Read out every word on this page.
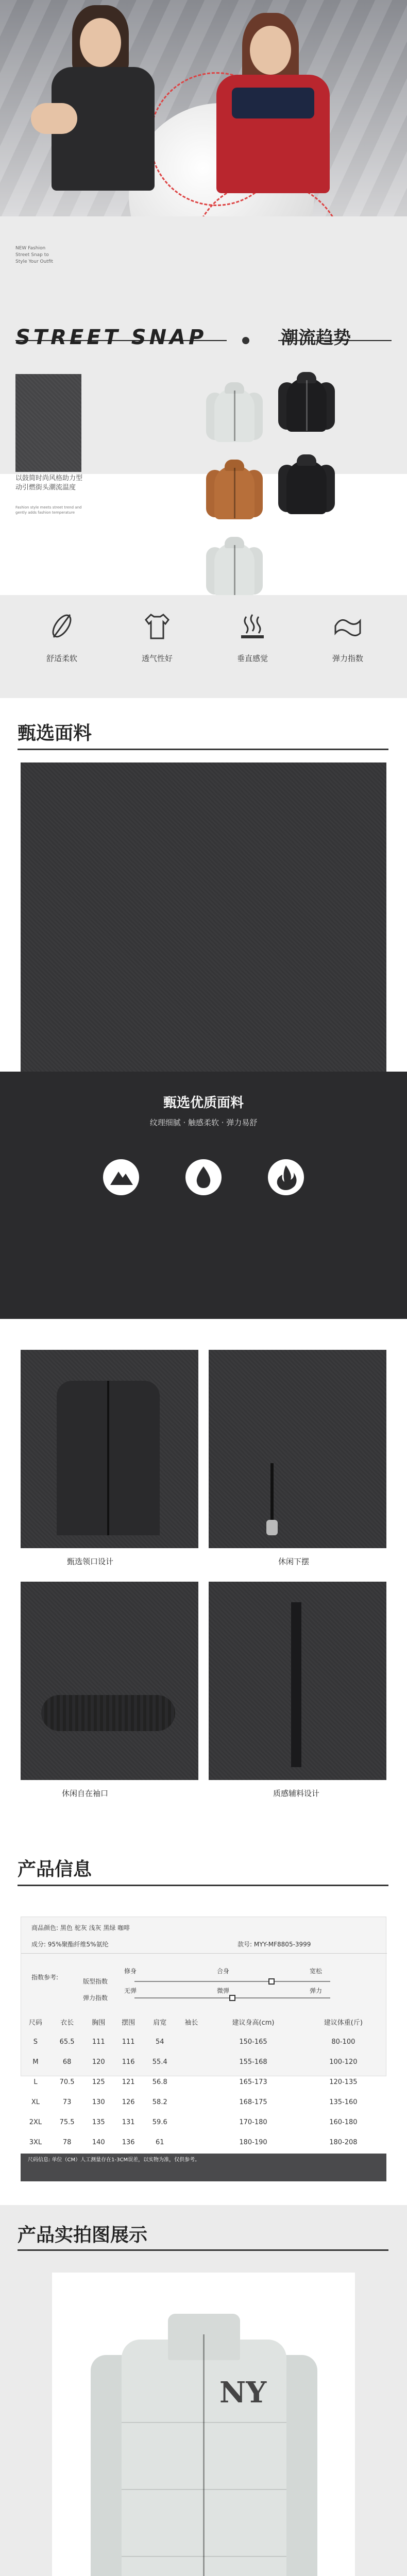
NEW Fashion
Street Snap to
Style Your Outfit
STREET SNAP	潮流趋势
以鼓简时尚风格助力型动引燃街头潮流温度
Fashion style meets street trend and gently adds fashion temperature
舒适柔软	透气性好	垂直感觉	弹力指数
甄选面料
甄选优质面料
纹理细腻 · 触感柔软 · 弹力易舒
甄选领口设计	休闲下摆
休闲自在袖口	质感辅料设计
产品信息
商品颜色: 黑色 驼灰 浅灰 黑绿 咖啡
成分: 95%聚酯纤维5%氨纶	款号: MYY-MF8805-3999
指数参考:
合身	宽松
修身
版型指数
弹力指数
无弹	微弹	弹力
尺码	衣长	胸围	摆围	肩宽	袖长	建议身高(cm)	建议体重(斤)
S	65.5	111	111	54		150-165	80-100
M	68	120	116	55.4		155-168	100-120
L	70.5	125	121	56.8		165-173	120-135
XL	73	130	126	58.2		168-175	135-160
2XL	75.5	135	131	59.6		170-180	160-180
3XL	78	140	136	61		180-190	180-208
尺码信息: 单位（CM）人工测量存在1-3CM误差，以实物为准，仅供参考。
产品实拍图展示
NY
